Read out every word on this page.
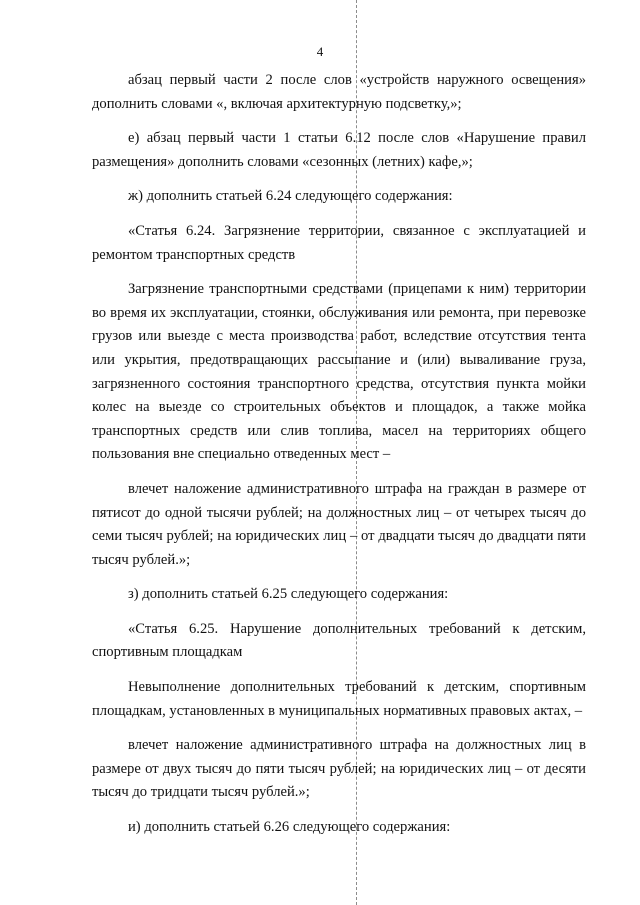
4

абзац первый части 2 после слов «устройств наружного освещения» дополнить словами «, включая архитектурную подсветку,»;

е) абзац первый части 1 статьи 6.12 после слов «Нарушение правил размещения» дополнить словами «сезонных (летних) кафе,»;

ж) дополнить статьей 6.24 следующего содержания:

«Статья 6.24. Загрязнение территории, связанное с эксплуатацией и ремонтом транспортных средств

Загрязнение транспортными средствами (прицепами к ним) территории во время их эксплуатации, стоянки, обслуживания или ремонта, при перевозке грузов или выезде с места производства работ, вследствие отсутствия тента или укрытия, предотвращающих рассыпание и (или) вываливание груза, загрязненного состояния транспортного средства, отсутствия пункта мойки колес на выезде со строительных объектов и площадок, а также мойка транспортных средств или слив топлива, масел на территориях общего пользования вне специально отведенных мест –

влечет наложение административного штрафа на граждан в размере от пятисот до одной тысячи рублей; на должностных лиц – от четырех тысяч до семи тысяч рублей; на юридических лиц – от двадцати тысяч до двадцати пяти тысяч рублей.»;

з) дополнить статьей 6.25 следующего содержания:

«Статья 6.25. Нарушение дополнительных требований к детским, спортивным площадкам

Невыполнение дополнительных требований к детским, спортивным площадкам, установленных в муниципальных нормативных правовых актах, –

влечет наложение административного штрафа на должностных лиц в размере от двух тысяч до пяти тысяч рублей; на юридических лиц – от десяти тысяч до тридцати тысяч рублей.»;

и) дополнить статьей 6.26 следующего содержания:
